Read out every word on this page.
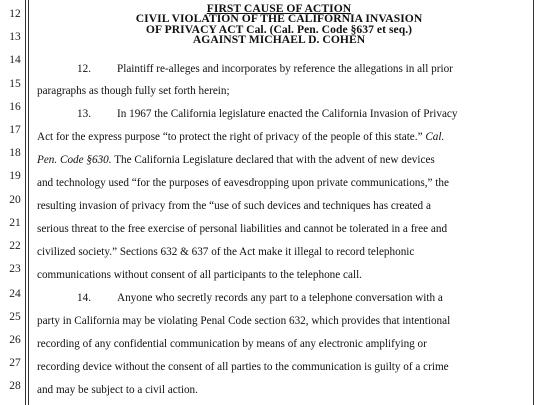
12
13
14
15
16
17
18
19
20
21
22
23
24
25
26
27
28
FIRST CAUSE OF ACTION
CIVIL VIOLATION OF THE CALIFORNIA INVASION
OF PRIVACY ACT Cal. (Cal. Pen. Code §637 et seq.)
AGAINST MICHAEL D. COHEN
12. Plaintiff re-alleges and incorporates by reference the allegations in all prior
paragraphs as though fully set forth herein;
13. In 1967 the California legislature enacted the California Invasion of Privacy
Act for the express purpose “to protect the right of privacy of the people of this state.” Cal.
Pen. Code §630. The California Legislature declared that with the advent of new devices
and technology used “for the purposes of eavesdropping upon private communications,” the
resulting invasion of privacy from the “use of such devices and techniques has created a
serious threat to the free exercise of personal liabilities and cannot be tolerated in a free and
civilized society.” Sections 632 & 637 of the Act make it illegal to record telephonic
communications without consent of all participants to the telephone call.
14. Anyone who secretly records any part to a telephone conversation with a
party in California may be violating Penal Code section 632, which provides that intentional
recording of any confidential communication by means of any electronic amplifying or
recording device without the consent of all parties to the communication is guilty of a crime
and may be subject to a civil action.
